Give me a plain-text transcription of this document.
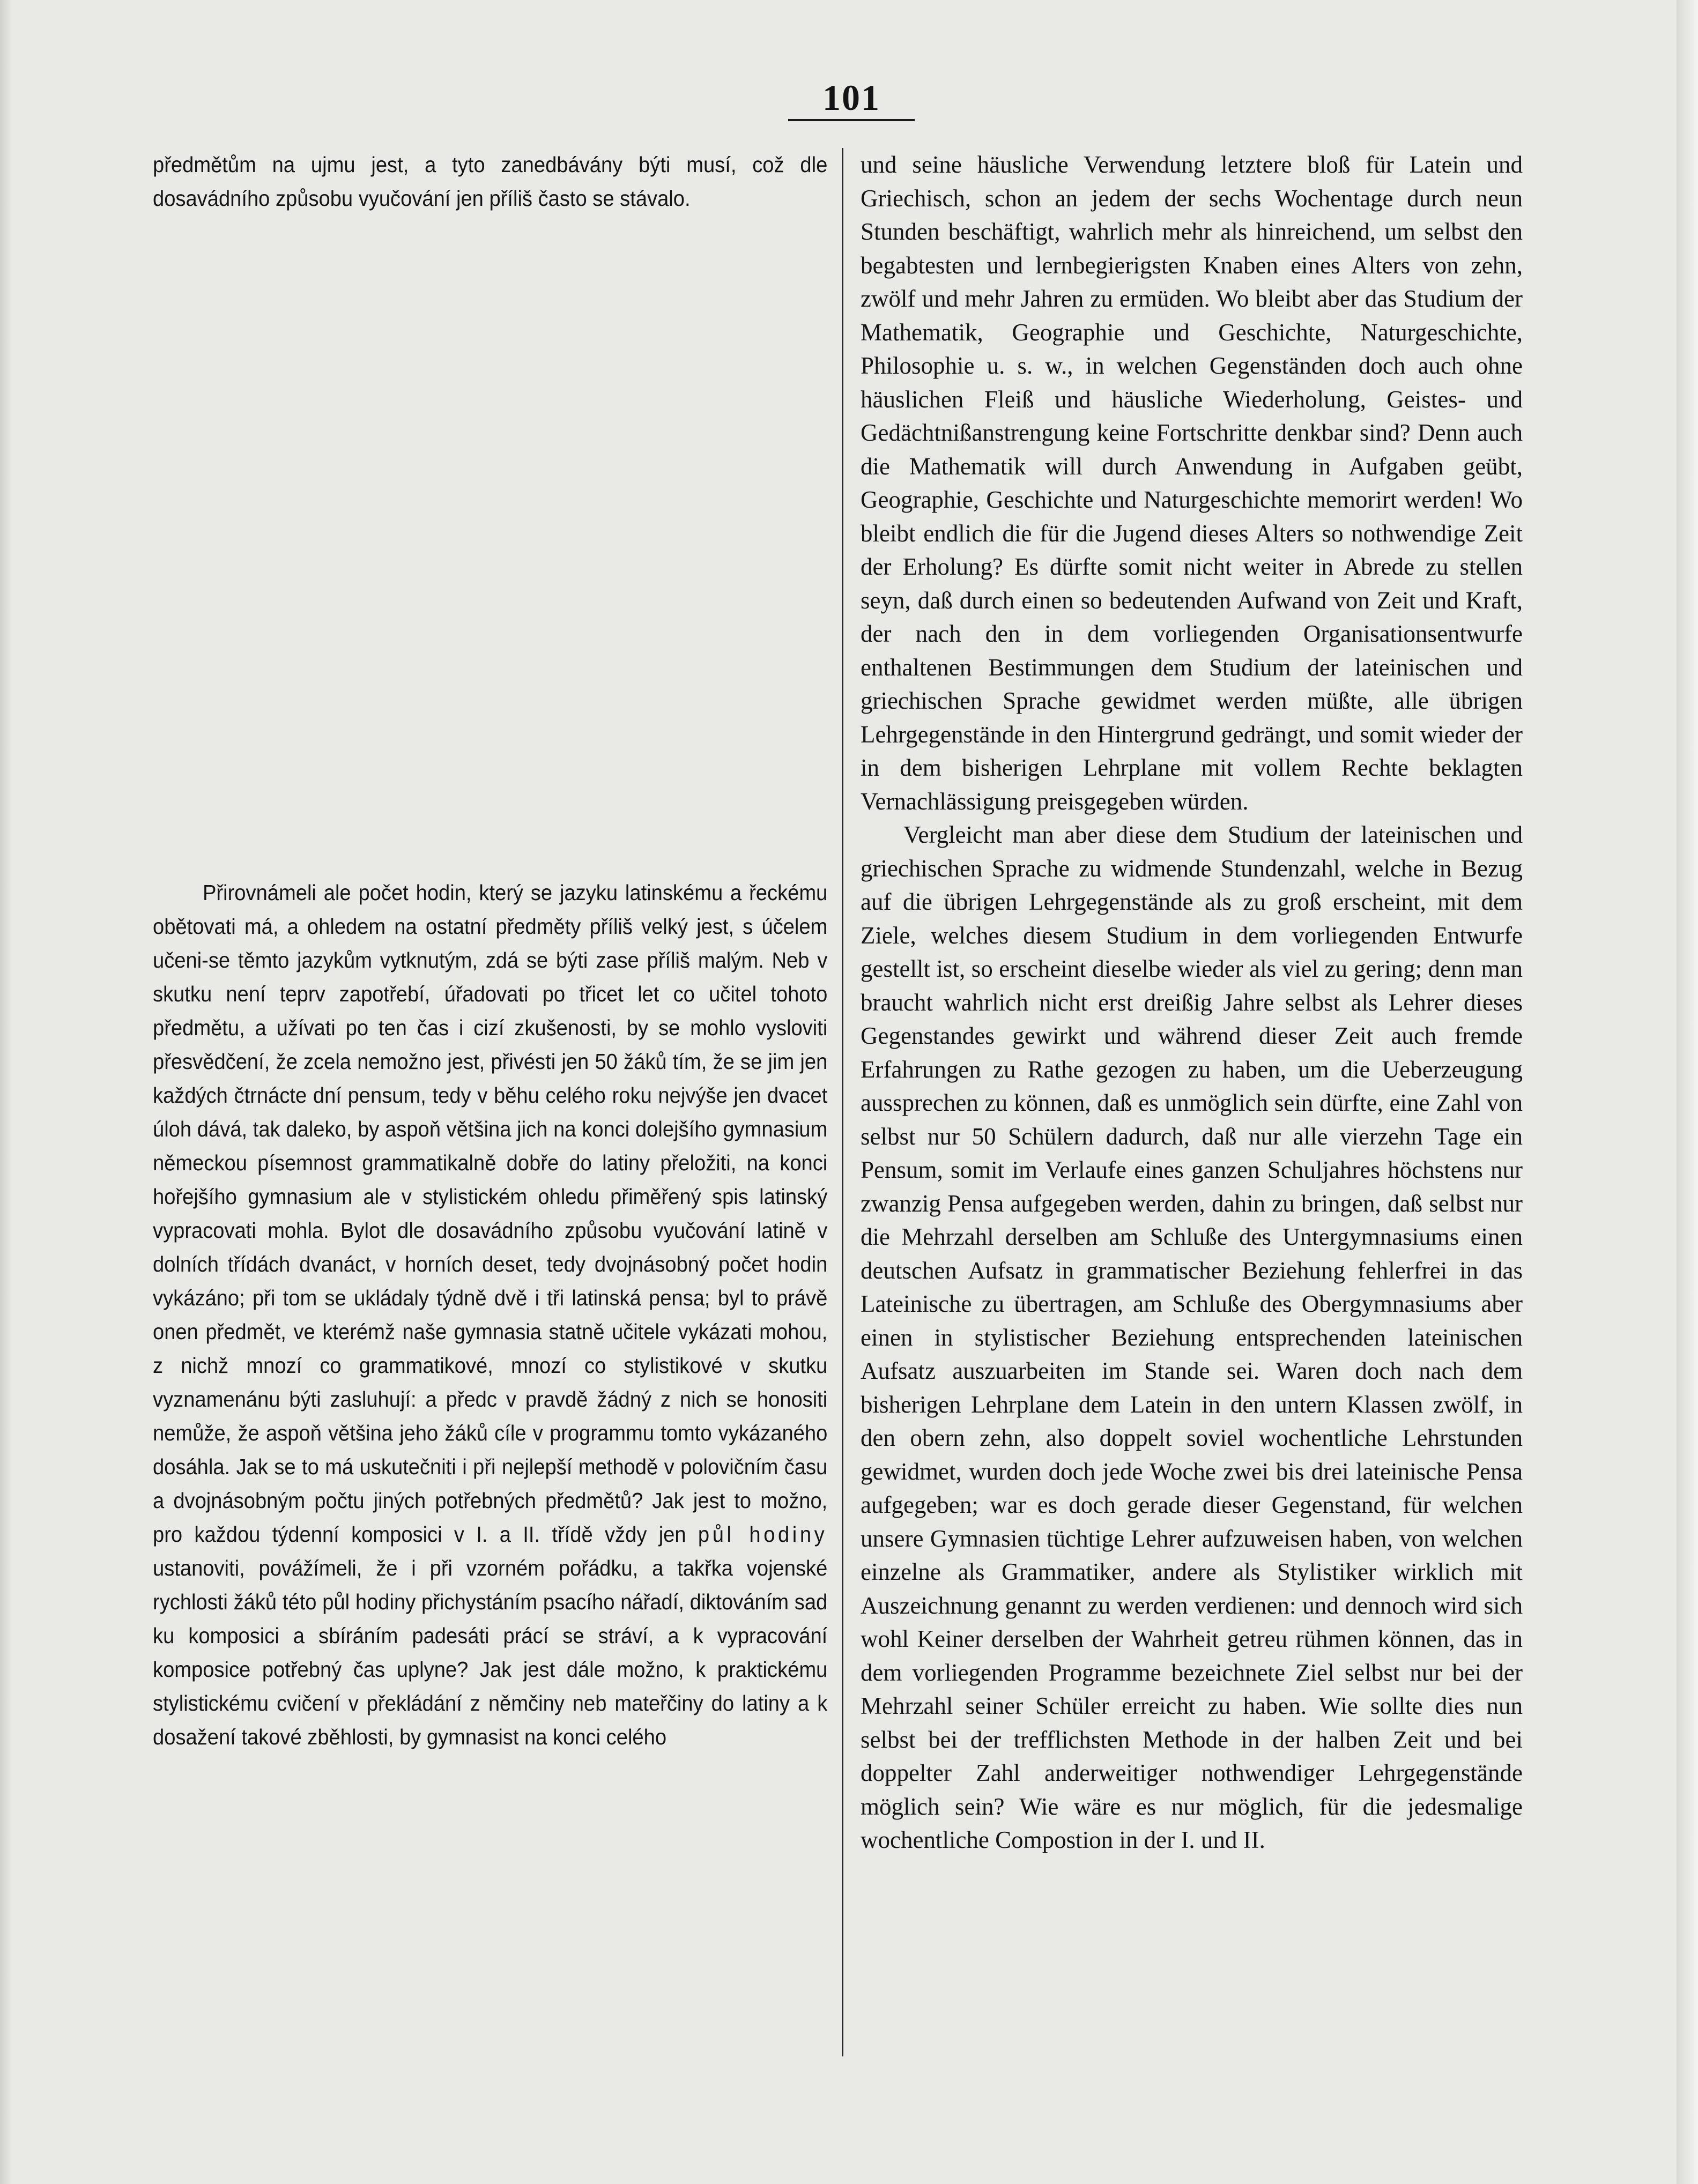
101

předmětům na ujmu jest, a tyto zanedbávány býti musí, což dle dosavádního způsobu vyučování jen příliš často se stávalo.

Přirovnámeli ale počet hodin, který se jazyku latinskému a řeckému obětovati má, a ohledem na ostatní předměty příliš velký jest, s účelem učeni-se těmto jazykům vytknutým, zdá se býti zase příliš malým. Neb v skutku není teprv zapotřebí, úřadovati po třicet let co učitel tohoto předmětu, a užívati po ten čas i cizí zkušenosti, by se mohlo vysloviti přesvědčení, že zcela nemožno jest, přivésti jen 50 žáků tím, že se jim jen každých čtrnácte dní pensum, tedy v běhu celého roku nejvýše jen dvacet úloh dává, tak daleko, by aspoň většina jich na konci dolejšího gymnasium německou písemnost grammatikalně dobře do latiny přeložiti, na konci hořejšího gymnasium ale v stylistickém ohledu přiměřený spis latinský vypracovati mohla. Bylot dle dosavádního způsobu vyučování latině v dolních třídách dvanáct, v horních deset, tedy dvojnásobný počet hodin vykázáno; při tom se ukládaly týdně dvě i tři latinská pensa; byl to právě onen předmět, ve kterémž naše gymnasia statně učitele vykázati mohou, z nichž mnozí co grammatikové, mnozí co stylistikové v skutku vyznamenánu býti zasluhují: a předc v pravdě žádný z nich se honositi nemůže, že aspoň většina jeho žáků cíle v programmu tomto vykázaného dosáhla. Jak se to má uskutečniti i při nejlepší methodě v polovičním času a dvojnásobným počtu jiných potřebných předmětů? Jak jest to možno, pro každou týdenní komposici v I. a II. třídě vždy jen půl hodiny ustanoviti, povážímeli, že i při vzorném pořádku, a takřka vojenské rychlosti žáků této půl hodiny přichystáním psacího nářadí, diktováním sad ku komposici a sbíráním padesáti prácí se stráví, a k vypracování komposice potřebný čas uplyne? Jak jest dále možno, k praktickému stylistickému cvičení v překládání z němčiny neb mateřčiny do latiny a k dosažení takové zběhlosti, by gymnasist na konci celého

und seine häusliche Verwendung letztere bloß für Latein und Griechisch, schon an jedem der sechs Wochentage durch neun Stunden beschäftigt, wahrlich mehr als hinreichend, um selbst den begabtesten und lernbegierigsten Knaben eines Alters von zehn, zwölf und mehr Jahren zu ermüden. Wo bleibt aber das Studium der Mathematik, Geographie und Geschichte, Naturgeschichte, Philosophie u. s. w., in welchen Gegenständen doch auch ohne häuslichen Fleiß und häusliche Wiederholung, Geistes- und Gedächtnißanstrengung keine Fortschritte denkbar sind? Denn auch die Mathematik will durch Anwendung in Aufgaben geübt, Geographie, Geschichte und Naturgeschichte memorirt werden! Wo bleibt endlich die für die Jugend dieses Alters so nothwendige Zeit der Erholung? Es dürfte somit nicht weiter in Abrede zu stellen seyn, daß durch einen so bedeutenden Aufwand von Zeit und Kraft, der nach den in dem vorliegenden Organisationsentwurfe enthaltenen Bestimmungen dem Studium der lateinischen und griechischen Sprache gewidmet werden müßte, alle übrigen Lehrgegenstände in den Hintergrund gedrängt, und somit wieder der in dem bisherigen Lehrplane mit vollem Rechte beklagten Vernachlässigung preisgegeben würden.

Vergleicht man aber diese dem Studium der lateinischen und griechischen Sprache zu widmende Stundenzahl, welche in Bezug auf die übrigen Lehrgegenstände als zu groß erscheint, mit dem Ziele, welches diesem Studium in dem vorliegenden Entwurfe gestellt ist, so erscheint dieselbe wieder als viel zu gering; denn man braucht wahrlich nicht erst dreißig Jahre selbst als Lehrer dieses Gegenstandes gewirkt und während dieser Zeit auch fremde Erfahrungen zu Rathe gezogen zu haben, um die Ueberzeugung aussprechen zu können, daß es unmöglich sein dürfte, eine Zahl von selbst nur 50 Schülern dadurch, daß nur alle vierzehn Tage ein Pensum, somit im Verlaufe eines ganzen Schuljahres höchstens nur zwanzig Pensa aufgegeben werden, dahin zu bringen, daß selbst nur die Mehrzahl derselben am Schluße des Untergymnasiums einen deutschen Aufsatz in grammatischer Beziehung fehlerfrei in das Lateinische zu übertragen, am Schluße des Obergymnasiums aber einen in stylistischer Beziehung entsprechenden lateinischen Aufsatz auszuarbeiten im Stande sei. Waren doch nach dem bisherigen Lehrplane dem Latein in den untern Klassen zwölf, in den obern zehn, also doppelt soviel wochentliche Lehrstunden gewidmet, wurden doch jede Woche zwei bis drei lateinische Pensa aufgegeben; war es doch gerade dieser Gegenstand, für welchen unsere Gymnasien tüchtige Lehrer aufzuweisen haben, von welchen einzelne als Grammatiker, andere als Stylistiker wirklich mit Auszeichnung genannt zu werden verdienen: und dennoch wird sich wohl Keiner derselben der Wahrheit getreu rühmen können, das in dem vorliegenden Programme bezeichnete Ziel selbst nur bei der Mehrzahl seiner Schüler erreicht zu haben. Wie sollte dies nun selbst bei der trefflichsten Methode in der halben Zeit und bei doppelter Zahl anderweitiger nothwendiger Lehrgegenstände möglich sein? Wie wäre es nur möglich, für die jedesmalige wochentliche Compostion in der I. und II.
